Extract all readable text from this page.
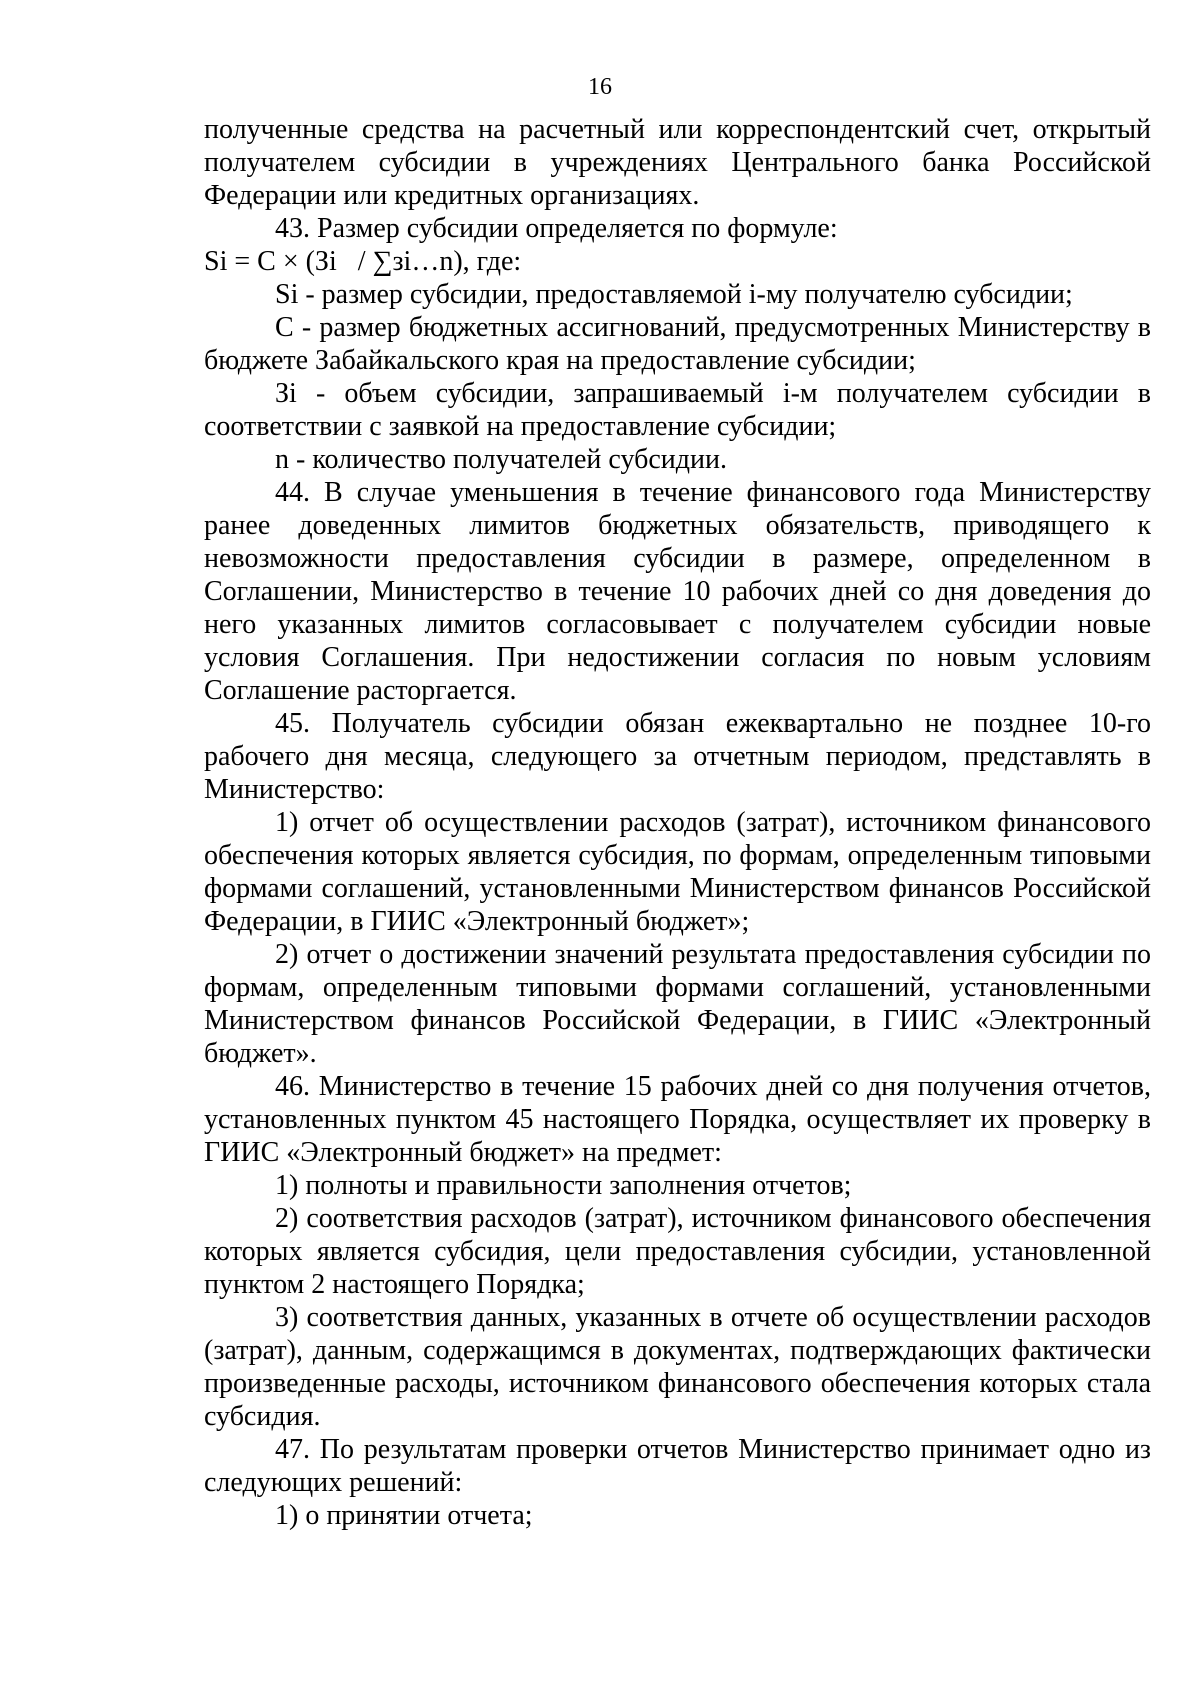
16

полученные средства на расчетный или корреспондентский счет, открытый получателем субсидии в учреждениях Центрального банка Российской Федерации или кредитных организациях.

43. Размер субсидии определяется по формуле:

Si = C × (Зi   / ∑зi…n), где:

Si - размер субсидии, предоставляемой i-му получателю субсидии;

C - размер бюджетных ассигнований, предусмотренных Министерству в бюджете Забайкальского края на предоставление субсидии;

Зi - объем субсидии, запрашиваемый i-м получателем субсидии в соответствии с заявкой на предоставление субсидии;

n - количество получателей субсидии.

44. В случае уменьшения в течение финансового года Министерству ранее доведенных лимитов бюджетных обязательств, приводящего к невозможности предоставления субсидии в размере, определенном в Соглашении, Министерство в течение 10 рабочих дней со дня доведения до него указанных лимитов согласовывает с получателем субсидии новые условия Соглашения. При недостижении согласия по новым условиям Соглашение расторгается.

45. Получатель субсидии обязан ежеквартально не позднее 10-го рабочего дня месяца, следующего за отчетным периодом, представлять в Министерство:

1) отчет об осуществлении расходов (затрат), источником финансового обеспечения которых является субсидия, по формам, определенным типовыми формами соглашений, установленными Министерством финансов Российской Федерации, в ГИИС «Электронный бюджет»;

2) отчет о достижении значений результата предоставления субсидии по формам, определенным типовыми формами соглашений, установленными Министерством финансов Российской Федерации, в ГИИС «Электронный бюджет».

46. Министерство в течение 15 рабочих дней со дня получения отчетов, установленных пунктом 45 настоящего Порядка, осуществляет их проверку в ГИИС «Электронный бюджет» на предмет:

1) полноты и правильности заполнения отчетов;

2) соответствия расходов (затрат), источником финансового обеспечения которых является субсидия, цели предоставления субсидии, установленной пунктом 2 настоящего Порядка;

3) соответствия данных, указанных в отчете об осуществлении расходов (затрат), данным, содержащимся в документах, подтверждающих фактически произведенные расходы, источником финансового обеспечения которых стала субсидия.

47. По результатам проверки отчетов Министерство принимает одно из следующих решений:

1) о принятии отчета;
